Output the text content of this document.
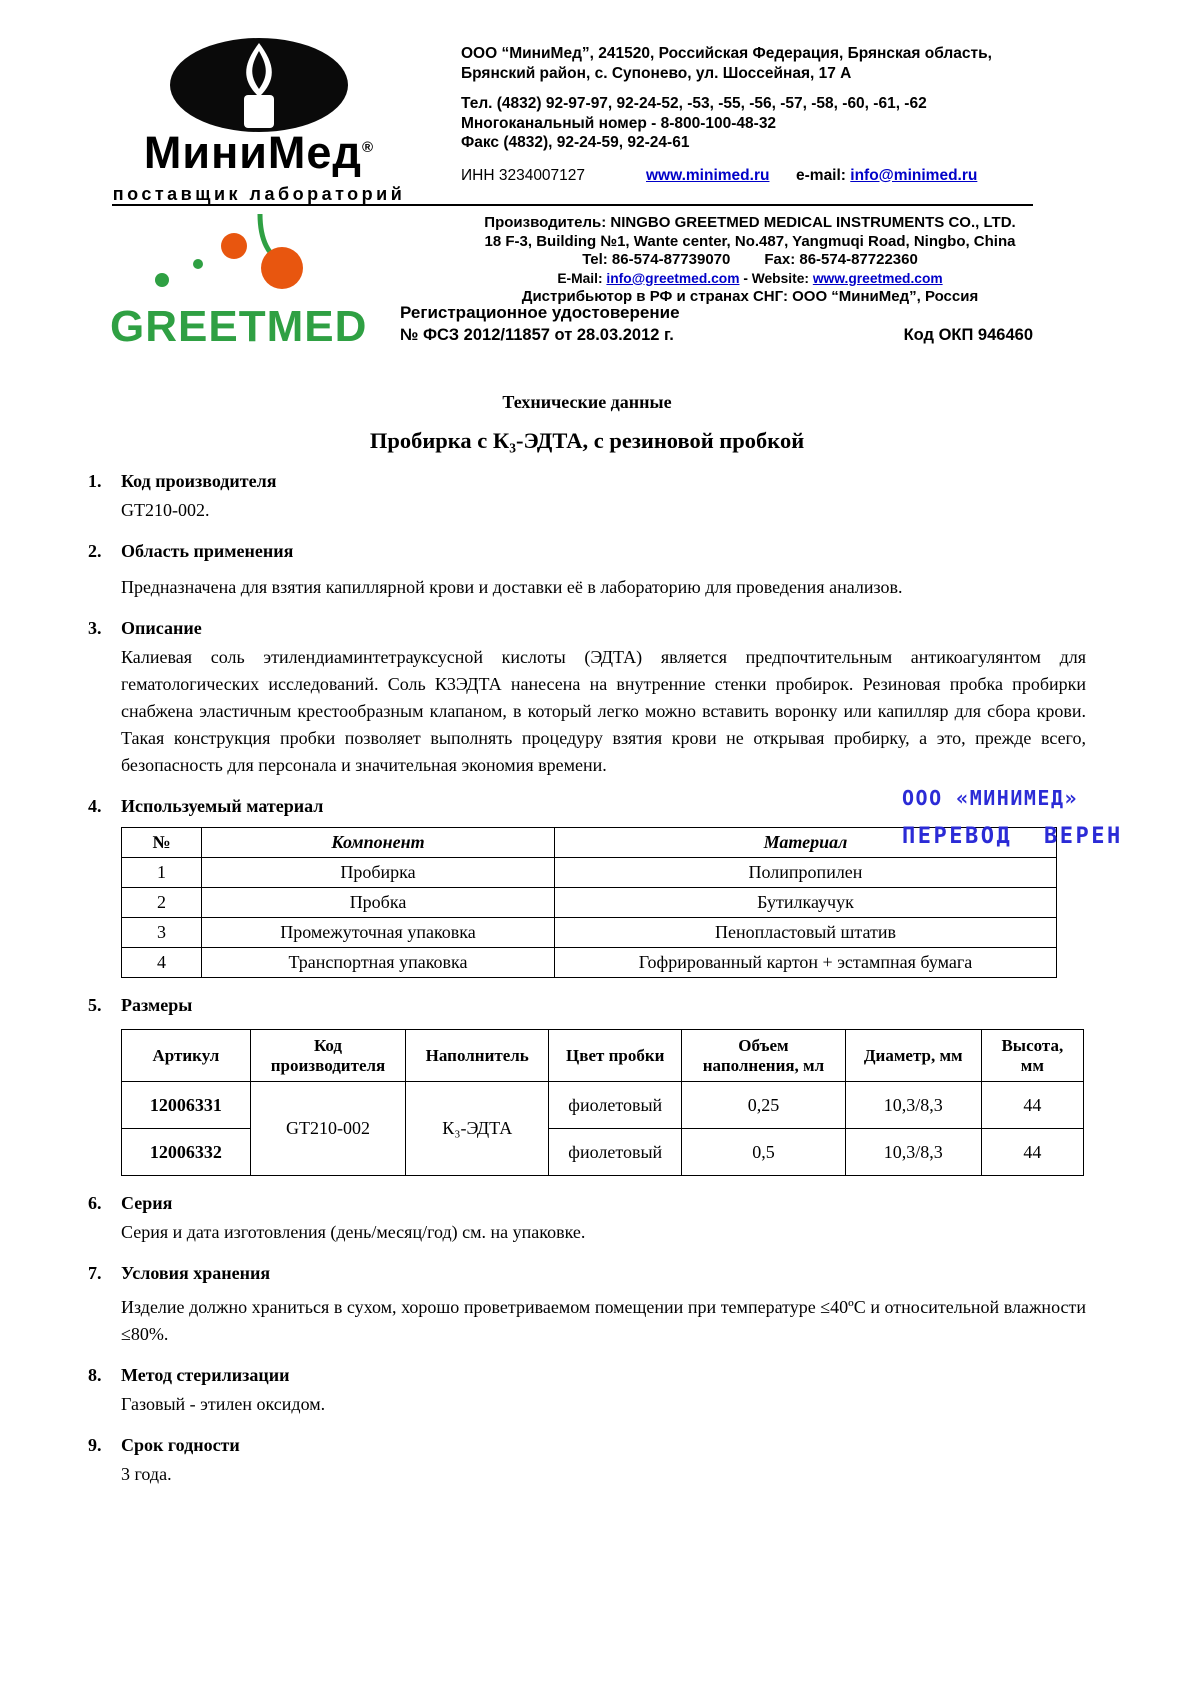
МиниМед®
поставщик лабораторий
ООО “МиниМед”, 241520, Российская Федерация, Брянская область,
Брянский район, с. Супонево, ул. Шоссейная, 17 А
Тел. (4832) 92-97-97, 92-24-52, -53, -55, -56, -57, -58, -60, -61, -62
Многоканальный номер - 8-800-100-48-32
Факс (4832), 92-24-59, 92-24-61
ИНН 3234007127	www.minimed.ru	e-mail: info@minimed.ru
GREETMED
Производитель: NINGBO GREETMED MEDICAL INSTRUMENTS CO., LTD.
18 F-3, Building №1, Wante center, No.487, Yangmuqi Road, Ningbo, China
Tel: 86-574-87739070 Fax: 86-574-87722360
E-Mail: info@greetmed.com - Website: www.greetmed.com
Дистрибьютор в РФ и странах СНГ: ООО “МиниМед”, Россия
Регистрационное удостоверение
№ ФСЗ 2012/11857 от 28.03.2012 г.	Код ОКП 946460
Технические данные
Пробирка с К₃-ЭДТА, с резиновой пробкой
1.	Код производителя
GT210-002.
2.	Область применения
Предназначена для взятия капиллярной крови и доставки её в лабораторию для проведения анализов.
3.	Описание
Калиевая соль этилендиаминтетрауксусной кислоты (ЭДТА) является предпочтительным антикоагулянтом для гематологических исследований. Соль К3ЭДТА нанесена на внутренние стенки пробирок. Резиновая пробка пробирки снабжена эластичным крестообразным клапаном, в который легко можно вставить воронку или капилляр для сбора крови. Такая конструкция пробки позволяет выполнять процедуру взятия крови не открывая пробирку, а это, прежде всего, безопасность для персонала и значительная экономия времени.
4.	Используемый материал
№	Компонент	Материал
1	Пробирка	Полипропилен
2	Пробка	Бутилкаучук
3	Промежуточная упаковка	Пенопластовый штатив
4	Транспортная упаковка	Гофрированный картон + эстампная бумага
5.	Размеры
Артикул	Код производителя	Наполнитель	Цвет пробки	Объем наполнения, мл	Диаметр, мм	Высота, мм
12006331	GT210-002	К₃-ЭДТА	фиолетовый	0,25	10,3/8,3	44
12006332			фиолетовый	0,5	10,3/8,3	44
6.	Серия
Серия и дата изготовления (день/месяц/год) см. на упаковке.
7.	Условия хранения
Изделие должно храниться в сухом, хорошо проветриваемом помещении при температуре ≤40ºС и относительной влажности ≤80%.
8.	Метод стерилизации
Газовый - этилен оксидом.
9.	Срок годности
3 года.
ООО «МИНИМЕД»
ПЕРЕВОД ВЕРЕН
